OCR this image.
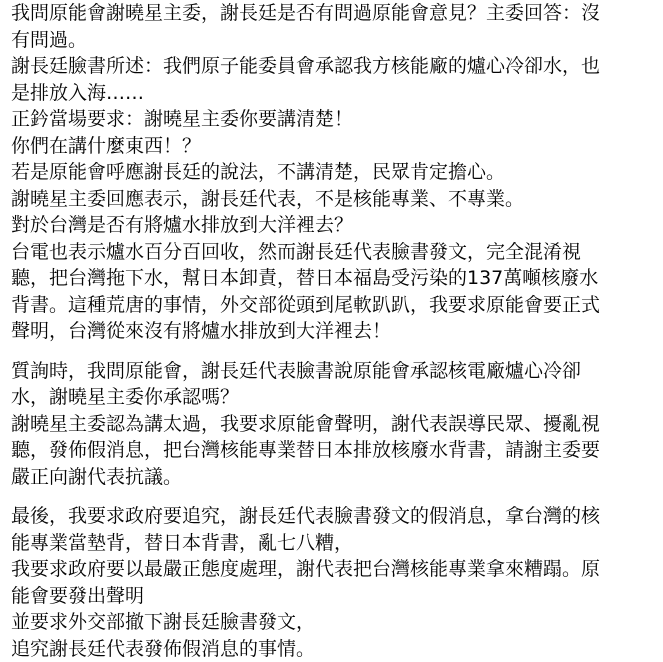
我問原能會謝曉星主委，謝長廷是否有問過原能會意見？主委回答：沒
有問過。
謝長廷臉書所述：我們原子能委員會承認我方核能廠的爐心冷卻水，也
是排放入海……
正鈐當場要求：謝曉星主委你要講清楚！
你們在講什麼東西！？
若是原能會呼應謝長廷的說法，不講清楚，民眾肯定擔心。
謝曉星主委回應表示，謝長廷代表，不是核能專業、不專業。
對於台灣是否有將爐水排放到大洋裡去？
台電也表示爐水百分百回收，然而謝長廷代表臉書發文，完全混淆視
聽，把台灣拖下水，幫日本卸責，替日本福島受污染的137萬噸核廢水
背書。這種荒唐的事情，外交部從頭到尾軟趴趴，我要求原能會要正式
聲明，台灣從來沒有將爐水排放到大洋裡去！
質詢時，我問原能會，謝長廷代表臉書說原能會承認核電廠爐心冷卻
水，謝曉星主委你承認嗎？
謝曉星主委認為講太過，我要求原能會聲明，謝代表誤導民眾、擾亂視
聽，發佈假消息，把台灣核能專業替日本排放核廢水背書，請謝主委要
嚴正向謝代表抗議。
最後，我要求政府要追究，謝長廷代表臉書發文的假消息，拿台灣的核
能專業當墊背，替日本背書，亂七八糟，
我要求政府要以最嚴正態度處理，謝代表把台灣核能專業拿來糟蹋。原
能會要發出聲明
並要求外交部撤下謝長廷臉書發文，
追究謝長廷代表發佈假消息的事情。
